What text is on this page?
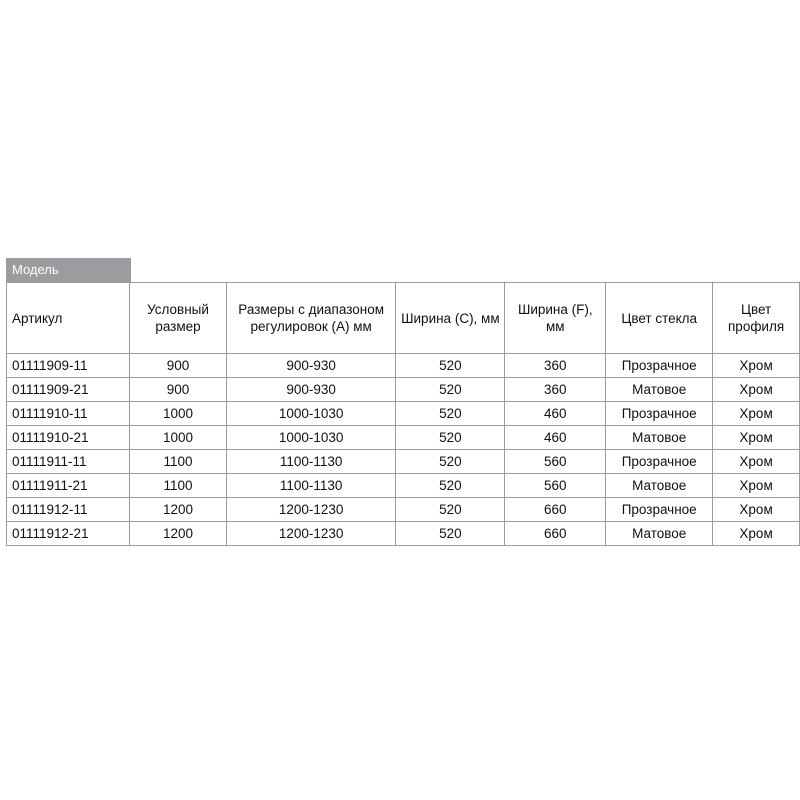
Модель
Артикул	Условный размер	Размеры с диапазоном регулировок (A) мм	Ширина (C), мм	Ширина (F), мм	Цвет стекла	Цвет профиля
01111909-11	900	900-930	520	360	Прозрачное	Хром
01111909-21	900	900-930	520	360	Матовое	Хром
01111910-11	1000	1000-1030	520	460	Прозрачное	Хром
01111910-21	1000	1000-1030	520	460	Матовое	Хром
01111911-11	1100	1100-1130	520	560	Прозрачное	Хром
01111911-21	1100	1100-1130	520	560	Матовое	Хром
01111912-11	1200	1200-1230	520	660	Прозрачное	Хром
01111912-21	1200	1200-1230	520	660	Матовое	Хром
